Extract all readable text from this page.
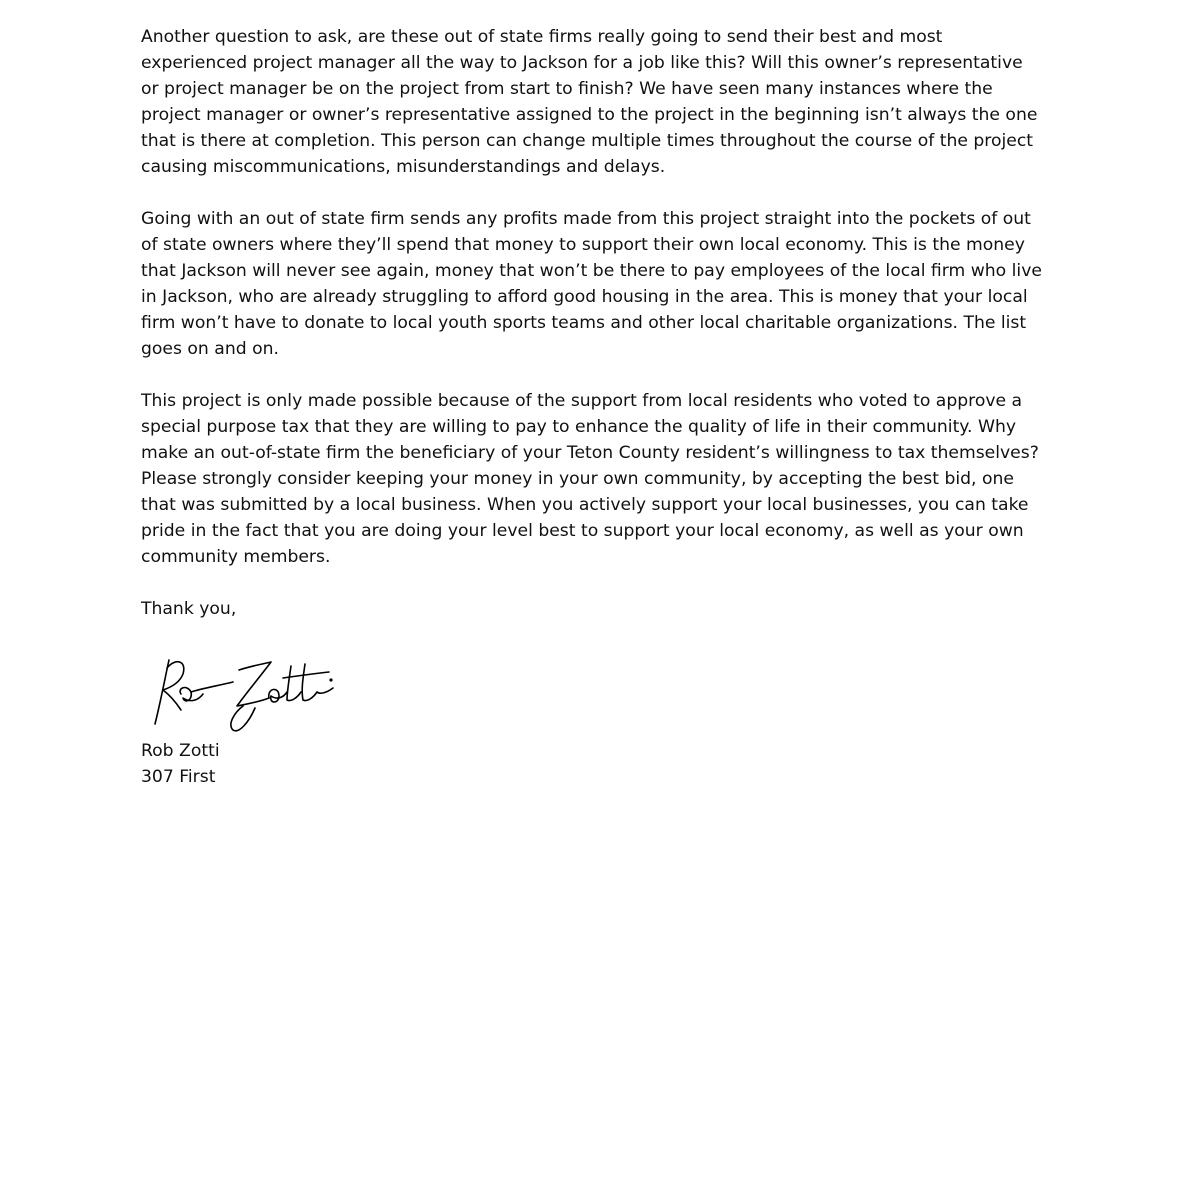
Another question to ask, are these out of state firms really going to send their best and most
experienced project manager all the way to Jackson for a job like this? Will this owner’s representative
or project manager be on the project from start to finish? We have seen many instances where the
project manager or owner’s representative assigned to the project in the beginning isn’t always the one
that is there at completion. This person can change multiple times throughout the course of the project
causing miscommunications, misunderstandings and delays.

Going with an out of state firm sends any profits made from this project straight into the pockets of out
of state owners where they’ll spend that money to support their own local economy. This is the money
that Jackson will never see again, money that won’t be there to pay employees of the local firm who live
in Jackson, who are already struggling to afford good housing in the area. This is money that your local
firm won’t have to donate to local youth sports teams and other local charitable organizations. The list
goes on and on.

This project is only made possible because of the support from local residents who voted to approve a
special purpose tax that they are willing to pay to enhance the quality of life in their community. Why
make an out-of-state firm the beneficiary of your Teton County resident’s willingness to tax themselves?
Please strongly consider keeping your money in your own community, by accepting the best bid, one
that was submitted by a local business. When you actively support your local businesses, you can take
pride in the fact that you are doing your level best to support your local economy, as well as your own
community members.

Thank you,

Rob Zotti
307 First
